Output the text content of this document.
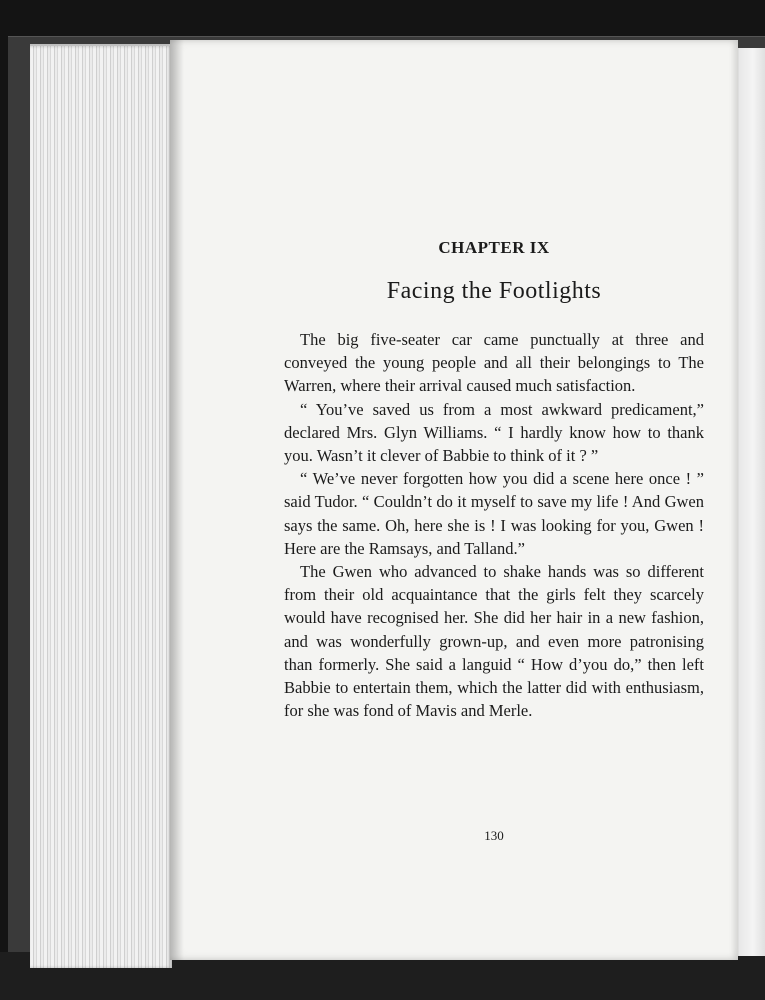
CHAPTER IX
Facing the Footlights

The big five-seater car came punctually at three and conveyed the young people and all their belongings to The Warren, where their arrival caused much satisfaction.

“ You’ve saved us from a most awkward predicament,” declared Mrs. Glyn Williams. “ I hardly know how to thank you. Wasn’t it clever of Babbie to think of it ? ”

“ We’ve never forgotten how you did a scene here once ! ” said Tudor. “ Couldn’t do it myself to save my life ! And Gwen says the same. Oh, here she is ! I was looking for you, Gwen ! Here are the Ramsays, and Talland.”

The Gwen who advanced to shake hands was so different from their old acquaintance that the girls felt they scarcely would have recognised her. She did her hair in a new fashion, and was wonderfully grown-up, and even more patronising than formerly. She said a languid “ How d’you do,” then left Babbie to entertain them, which the latter did with enthusiasm, for she was fond of Mavis and Merle.

130
